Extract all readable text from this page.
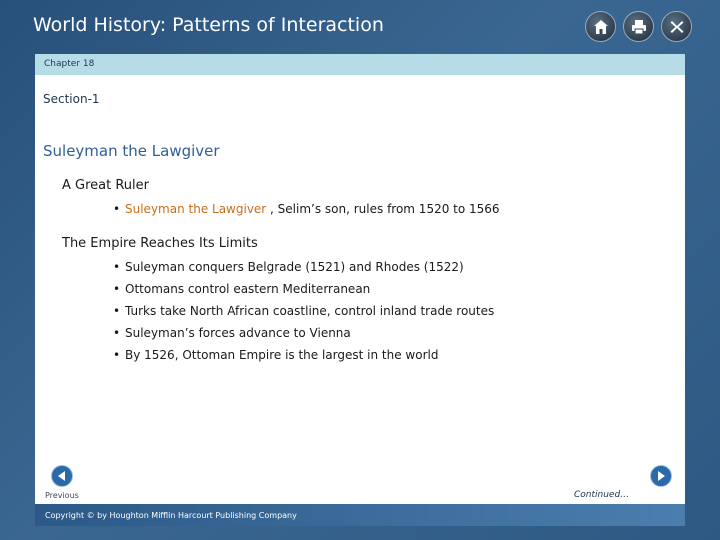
World History: Patterns of Interaction
Chapter 18
Section-1
Suleyman the Lawgiver
A Great Ruler
• Suleyman the Lawgiver , Selim’s son, rules from 1520 to 1566
The Empire Reaches Its Limits
• Suleyman conquers Belgrade (1521) and Rhodes (1522)
• Ottomans control eastern Mediterranean
• Turks take North African coastline, control inland trade routes
• Suleyman’s forces advance to Vienna
• By 1526, Ottoman Empire is the largest in the world
Previous	Continued…
Copyright © by Houghton Mifflin Harcourt Publishing Company
Next
